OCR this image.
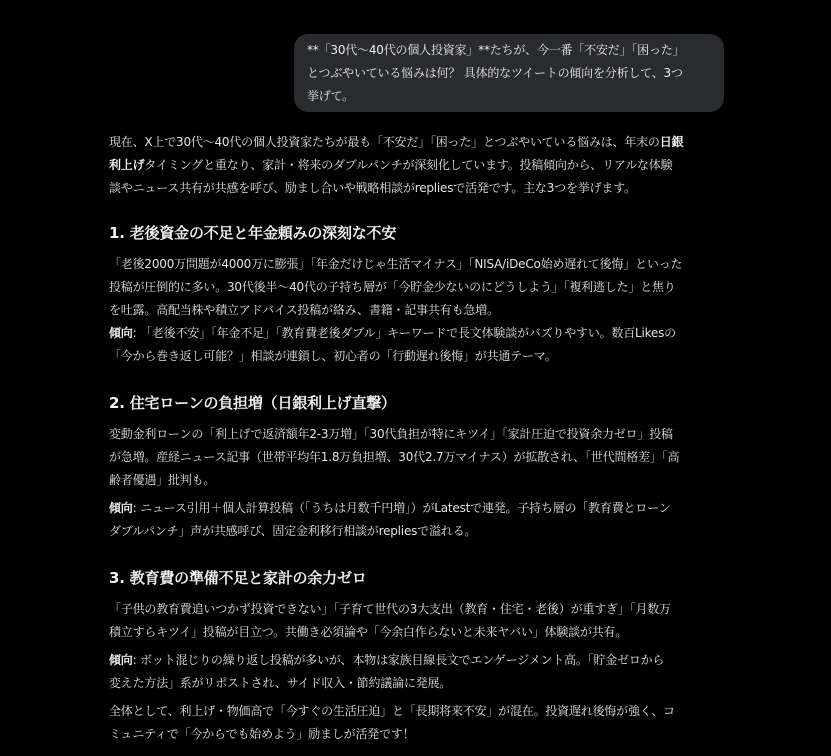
**「30代〜40代の個人投資家」**たちが、今一番「不安だ」「困った」
とつぶやいている悩みは何？ 具体的なツイートの傾向を分析して、3つ
挙げて。
現在、X上で30代〜40代の個人投資家たちが最も「不安だ」「困った」とつぶやいている悩みは、年末の日銀
利上げタイミングと重なり、家計・将来のダブルパンチが深刻化しています。投稿傾向から、リアルな体験
談やニュース共有が共感を呼び、励まし合いや戦略相談がrepliesで活発です。主な3つを挙げます。
1. 老後資金の不足と年金頼みの深刻な不安
「老後2000万問題が4000万に膨張」「年金だけじゃ生活マイナス」「NISA/iDeCo始め遅れて後悔」といった
投稿が圧倒的に多い。30代後半〜40代の子持ち層が「今貯金少ないのにどうしよう」「複利逃した」と焦り
を吐露。高配当株や積立アドバイス投稿が絡み、書籍・記事共有も急増。
傾向: 「老後不安」「年金不足」「教育費老後ダブル」キーワードで長文体験談がバズりやすい。数百Likesの
「今から巻き返し可能？」相談が連鎖し、初心者の「行動遅れ後悔」が共通テーマ。
2. 住宅ローンの負担増（日銀利上げ直撃）
変動金利ローンの「利上げで返済額年2-3万増」「30代負担が特にキツイ」「家計圧迫で投資余力ゼロ」投稿
が急増。産経ニュース記事（世帯平均年1.8万負担増、30代2.7万マイナス）が拡散され、「世代間格差」「高
齢者優遇」批判も。
傾向: ニュース引用＋個人計算投稿（「うちは月数千円増」）がLatestで連発。子持ち層の「教育費とローン
ダブルパンチ」声が共感呼び、固定金利移行相談がrepliesで溢れる。
3. 教育費の準備不足と家計の余力ゼロ
「子供の教育費追いつかず投資できない」「子育て世代の3大支出（教育・住宅・老後）が重すぎ」「月数万
積立すらキツイ」投稿が目立つ。共働き必須論や「今余白作らないと未来ヤバい」体験談が共有。
傾向: ボット混じりの繰り返し投稿が多いが、本物は家族目線長文でエンゲージメント高。「貯金ゼロから
変えた方法」系がリポストされ、サイド収入・節約議論に発展。
全体として、利上げ・物価高で「今すぐの生活圧迫」と「長期将来不安」が混在。投資遅れ後悔が強く、コ
ミュニティで「今からでも始めよう」励ましが活発です！
